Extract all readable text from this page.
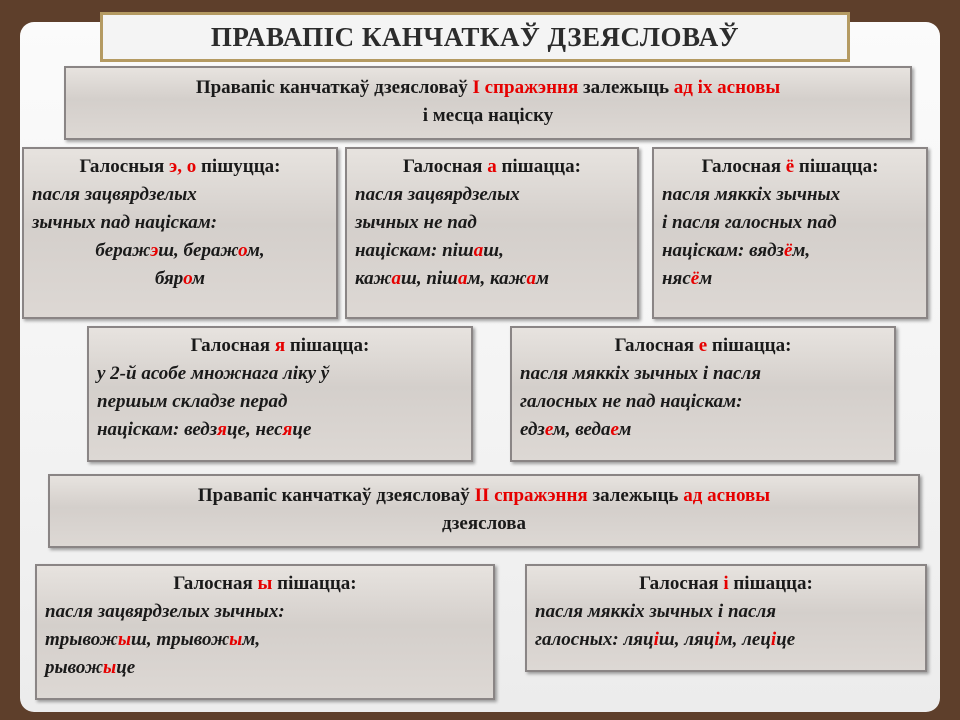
ПРАВАПІС КАНЧАТКАЎ ДЗЕЯСЛОВАЎ
Правапіс канчаткаў дзеясловаў І спражэння залежыць ад іх асновы
і месца націску
Галосныя э, о пішуцца:
пасля зацвярдзелых
зычных пад націскам:
беражэш, беражом,
бяром
Галосная а пішацца:
пасля зацвярдзелых
зычных не пад
націскам: пішаш,
кажаш, пішам, кажам
Галосная ё пішацца:
пасля мяккіх зычных
і пасля галосных пад
націскам: вядзём,
нясём
Галосная я пішацца:
у 2-й асобе множнага ліку ў
першым складзе перад
націскам: ведзяце, несяце
Галосная е пішацца:
пасля мяккіх зычных і пасля
галосных не пад націскам:
едзем, ведаем
Правапіс канчаткаў дзеясловаў ІІ спражэння залежыць ад асновы
дзеяслова
Галосная ы пішацца:
пасля зацвярдзелых зычных:
трывожыш, трывожым,
рывожыце
Галосная і пішацца:
пасля мяккіх зычных і пасля
галосных: ляціш, ляцім, леціце
